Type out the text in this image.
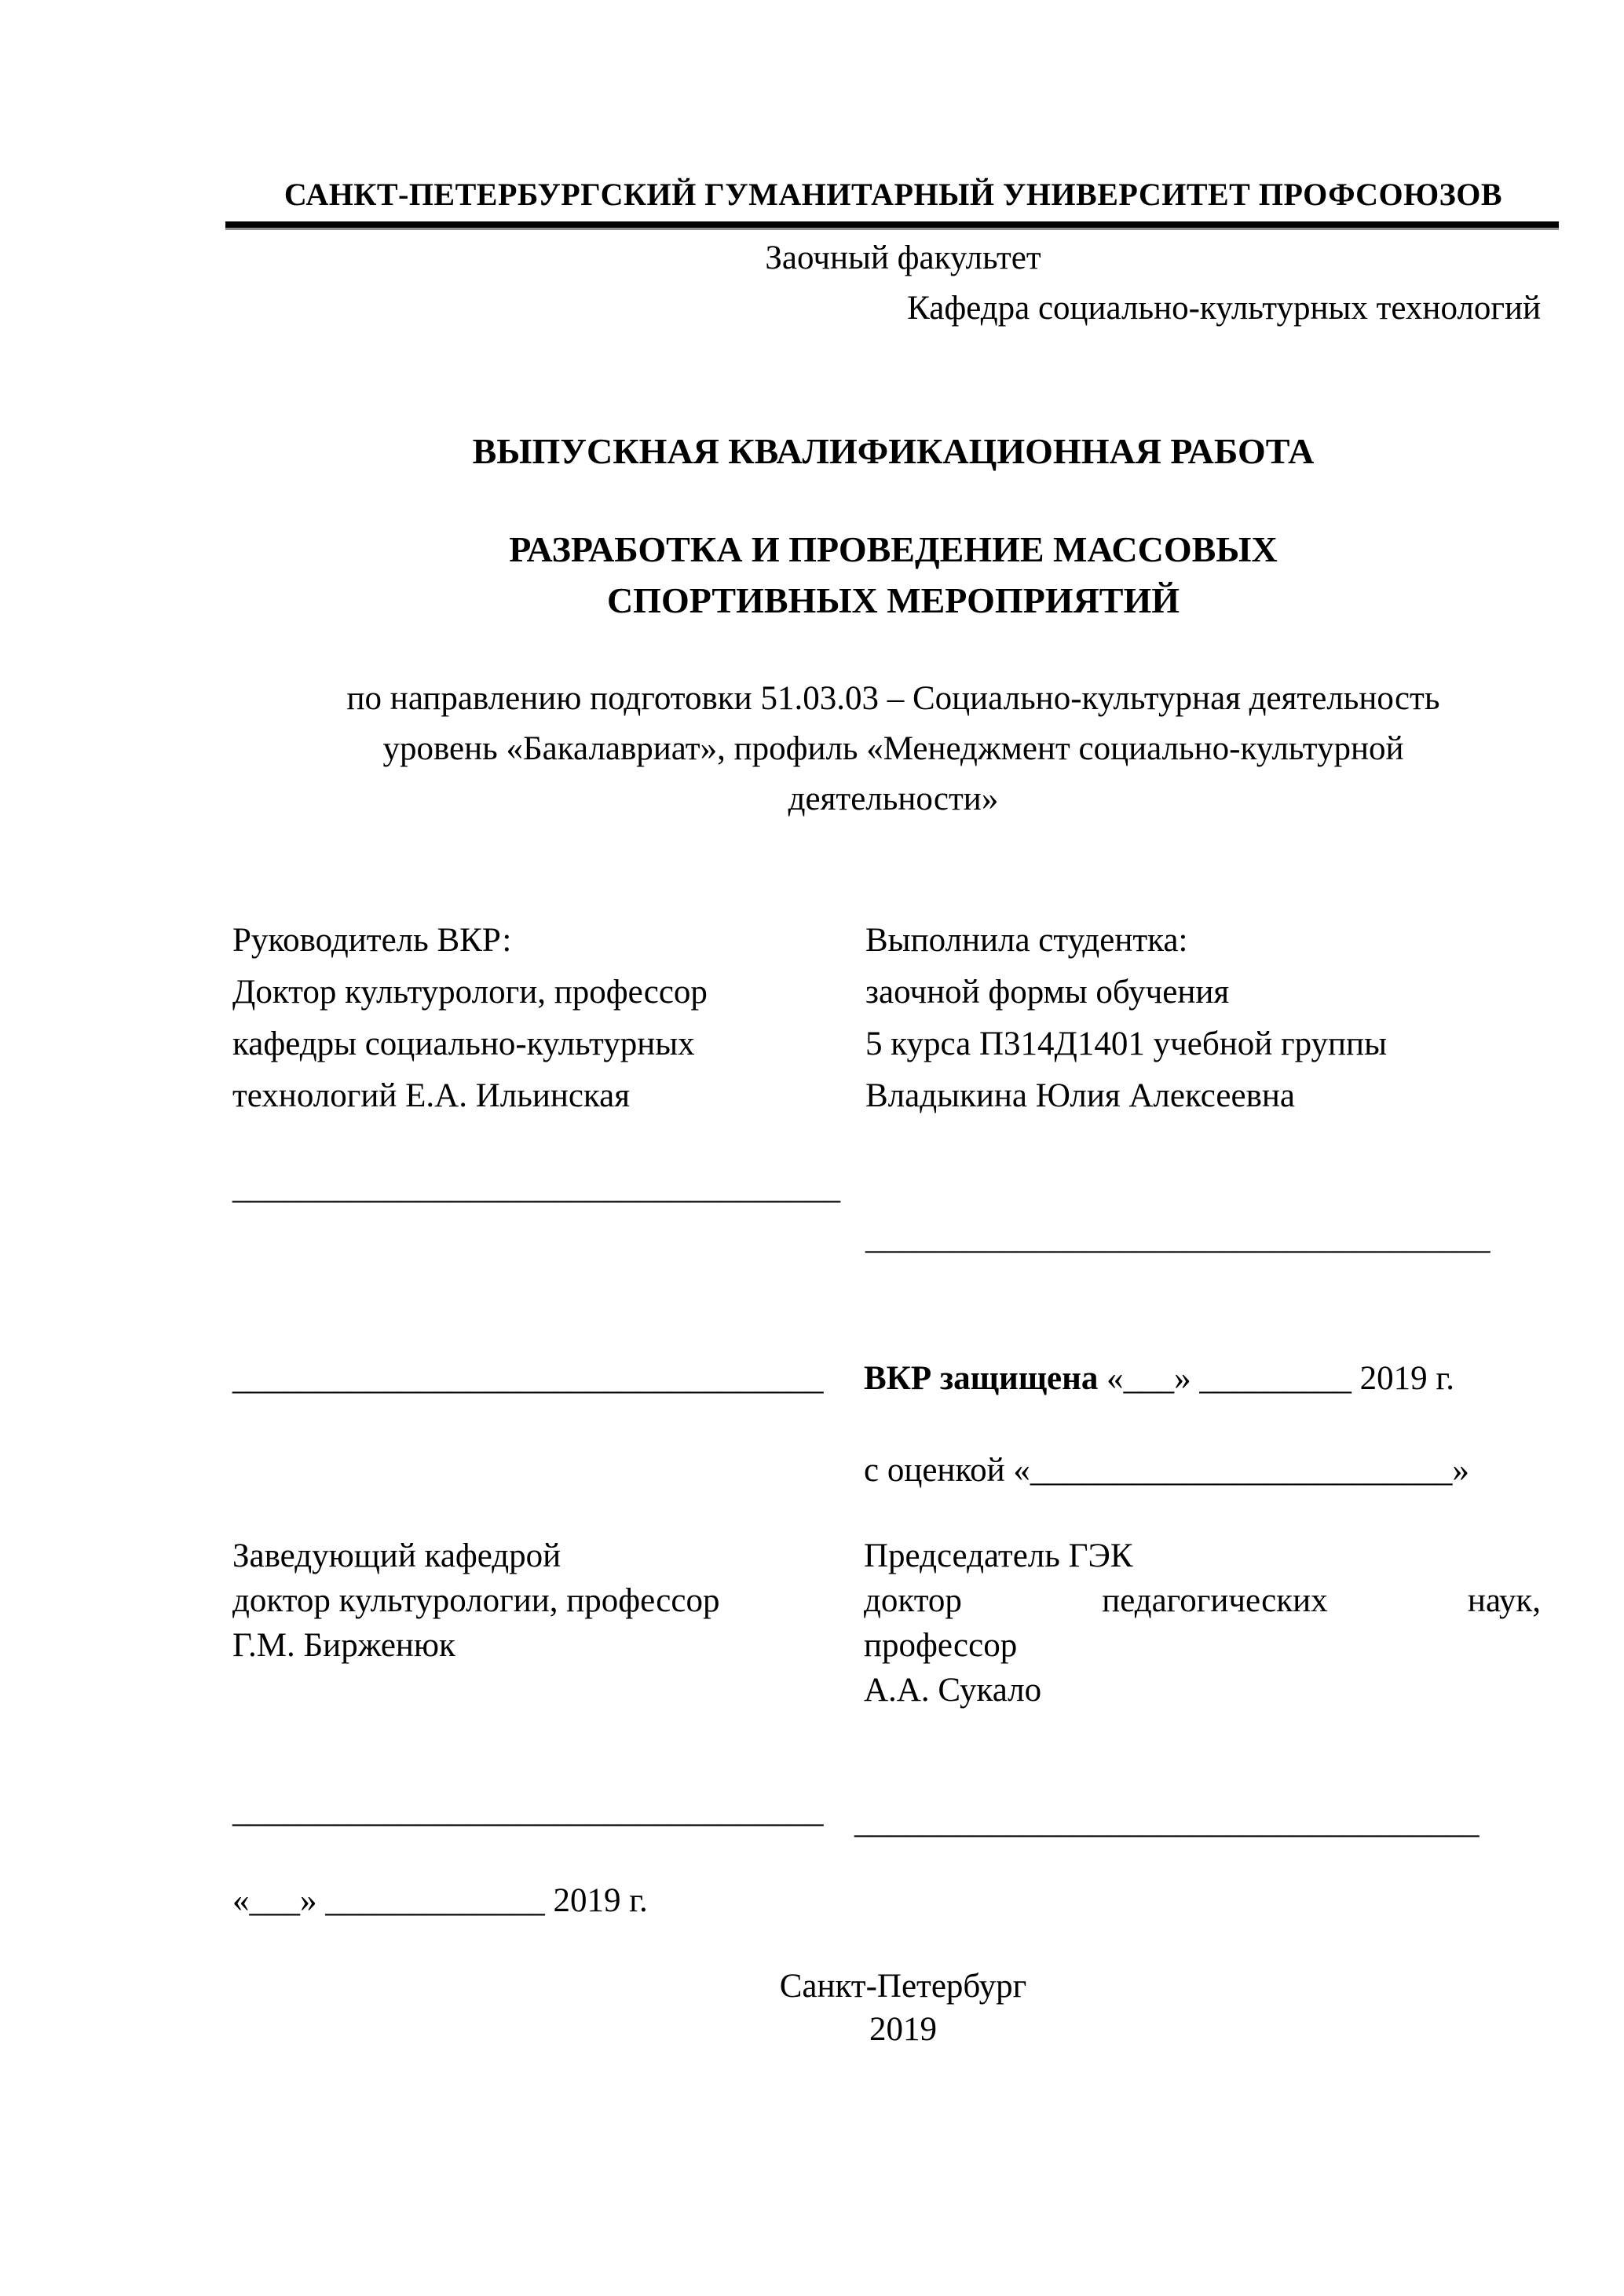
САНКТ-ПЕТЕРБУРГСКИЙ ГУМАНИТАРНЫЙ УНИВЕРСИТЕТ ПРОФСОЮЗОВ
Заочный факультет
Кафедра социально-культурных технологий
ВЫПУСКНАЯ КВАЛИФИКАЦИОННАЯ РАБОТА
РАЗРАБОТКА И ПРОВЕДЕНИЕ МАССОВЫХ
СПОРТИВНЫХ МЕРОПРИЯТИЙ
по направлению подготовки 51.03.03 – Социально-культурная деятельность
уровень «Бакалавриат», профиль «Менеджмент социально-культурной
деятельности»
Руководитель ВКР:
Доктор культурологи, профессор
кафедры социально-культурных
технологий Е.А. Ильинская
Выполнила студентка:
заочной формы обучения
5 курса П314Д1401 учебной группы
Владыкина Юлия Алексеевна
____________________________________
_____________________________________
___________________________________ ВКР защищена «___» _________ 2019 г.
с оценкой «_________________________»
Заведующий кафедрой
доктор культурологии, профессор
Г.М. Бирженюк
Председатель ГЭК
доктор педагогических наук,
профессор
А.А. Сукало
___________________________________ _____________________________________
«___» _____________ 2019 г.
Санкт-Петербург
2019
